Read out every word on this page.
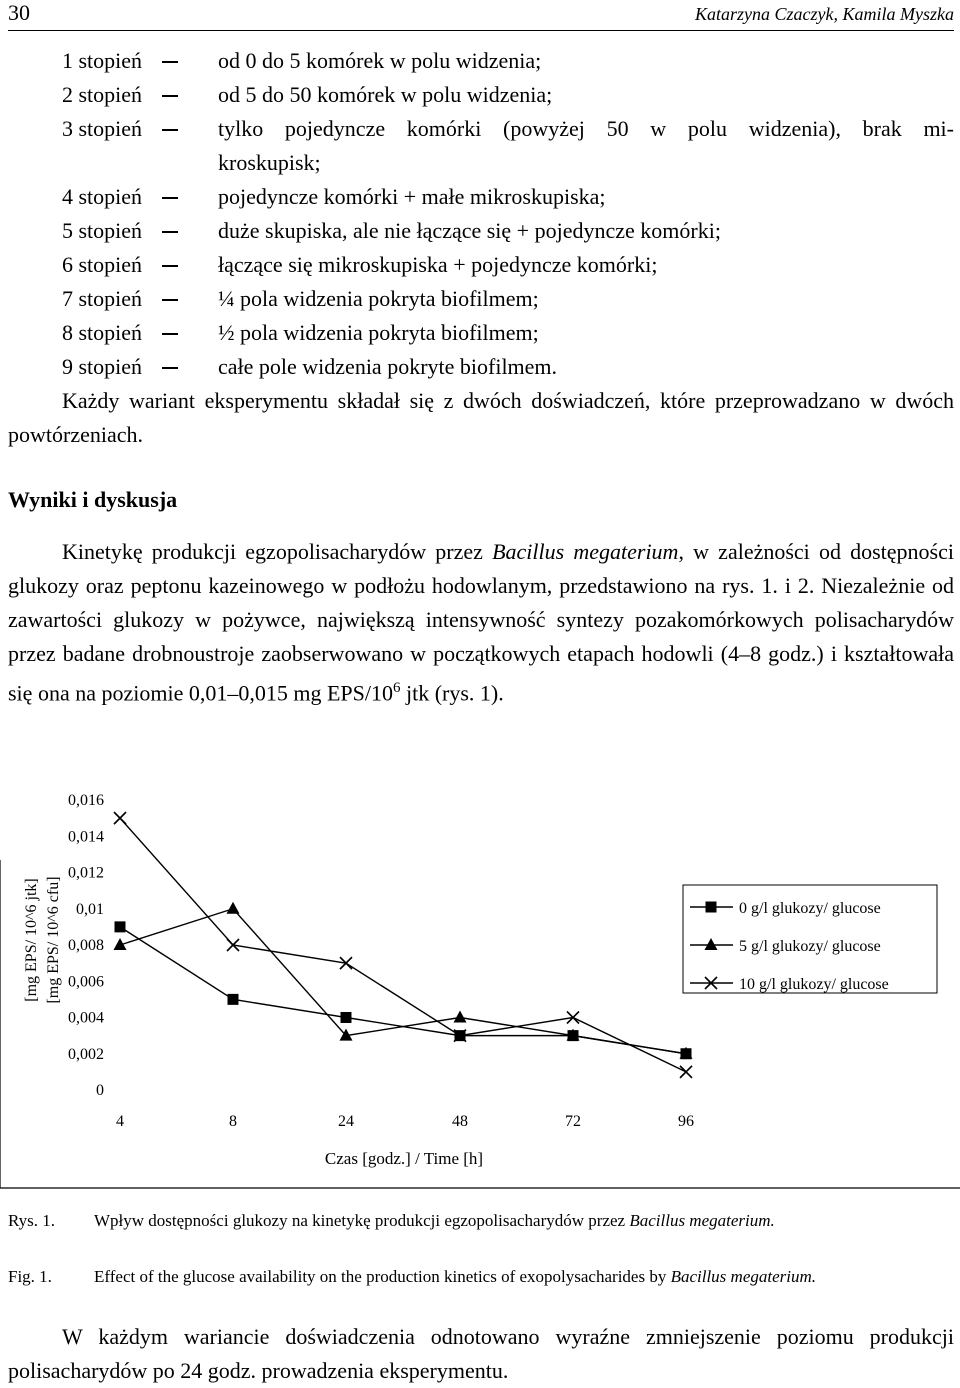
30	Katarzyna Czaczyk, Kamila Myszka
1 stopień	od 0 do 5 komórek w polu widzenia;
2 stopień	od 5 do 50 komórek w polu widzenia;
3 stopień	tylko pojedyncze komórki (powyżej 50 w polu widzenia), brak mi-
kroskupisk;
4 stopień	pojedyncze komórki + małe mikroskupiska;
5 stopień	duże skupiska, ale nie łączące się + pojedyncze komórki;
6 stopień	łączące się mikroskupiska + pojedyncze komórki;
7 stopień	¼ pola widzenia pokryta biofilmem;
8 stopień	½ pola widzenia pokryta biofilmem;
9 stopień	całe pole widzenia pokryte biofilmem.
Każdy wariant eksperymentu składał się z dwóch doświadczeń, które przeprowadzano w dwóch powtórzeniach.
Wyniki i dyskusja
Kinetykę produkcji egzopolisacharydów przez Bacillus megaterium, w zależności od dostępności glukozy oraz peptonu kazeinowego w podłożu hodowlanym, przedstawiono na rys. 1. i 2. Niezależnie od zawartości glukozy w pożywce, największą intensywność syntezy pozakomórkowych polisacharydów przez badane drobnoustroje zaobserwowano w początkowych etapach hodowli (4–8 godz.) i kształtowała się ona na poziomie 0,01–0,015 mg EPS/$10^6$ jtk (rys. 1).
0
0,002
0,004
0,006
0,008
0,01
0,012
0,014
0,016
4	8	24	48	72	96
Czas [godz.] / Time [h]
[mg EPS/ 10^6 jtk] [mg EPS/ 10^6 cfu]	0 g/l glukozy/ glucose
5 g/l glukozy/ glucose
10 g/l glukozy/ glucose
Rys. 1. Wpływ dostępności glukozy na kinetykę produkcji egzopolisacharydów przez Bacillus megaterium.
Fig. 1. Effect of the glucose availability on the production kinetics of exopolysacharides by Bacillus megaterium.
W każdym wariancie doświadczenia odnotowano wyraźne zmniejszenie poziomu produkcji polisacharydów po 24 godz. prowadzenia eksperymentu.
